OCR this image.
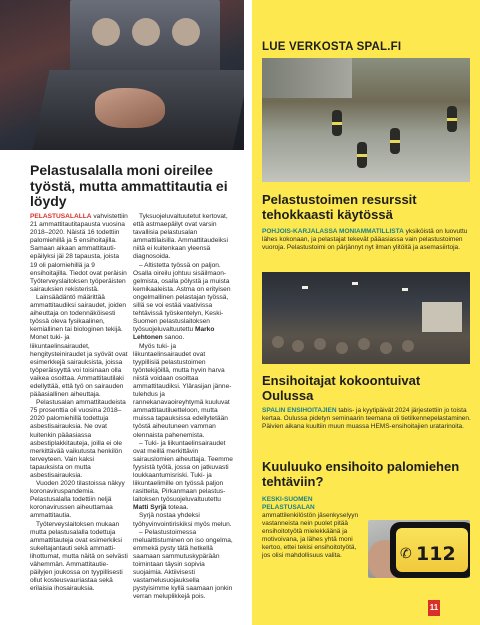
Pelastusalalla moni oireilee työstä, mutta ammattitautia ei löydy

PELASTUSALALLA vahvistettiin 21 ammattitautitapausta vuosina 2018–2020. Näistä 16 todettiin palomiehillä ja 5 ensihoitajilla. Samaan aikaan ammattitautiepäilyksi jäi 28 tapausta, joista 19 oli palomiehillä ja 9 ensihoitajilla. Tiedot ovat peräisin Työterveyslaitoksen työperäisten sairauksien rekisteristä.

Lainsäädäntö määrittää ammattitaudiksi sairaudet, joiden aiheuttaja on todennäköisesti työssä oleva fysikaalinen, kemiallinen tai biologinen tekijä. Monet tuki- ja liikuntaelinsairaudet, hengitysteiniraudet ja syövät ovat esimerkkejä sairauksista, joissa työperäisyyttä voi toisinaan olla vaikea osoittaa. Ammattitautilaki edellyttää, että työ on sairauden pääasiallinen aiheuttaja.

Pelastusalan ammattitaudeista 75 prosenttia oli vuosina 2018–2020 palomiehillä todettuja asbestisairauksia. Ne ovat kuitenkin pääasiassa asbestiplakkitauteja, joilla ei ole merkittävää vaikutusta henkilön terveyteen. Vain kaksi tapauksista on mutta asbestisairauksia.

Vuoden 2020 tilastoissa näkyy koronaviruspandemia. Pelastusalalla todettiin neljä koronavirussen aiheuttamaa ammattitautia.

Työterveyslaitoksen mukaan mutta pelastusalalla todettuja ammattitauteja ovat esimerkiksi sukeltajantauti sekä ammattilihottumat, mutta näitä on selvästi vähemmän. Ammattitautiepäilyjen joukossa on tyypillisesti ollut kosteusvauriastaa sekä erilaisia ihosairauksia.

Tyksuojeluvaltuutetut kertovat, että astmaepäilyt ovat varsin tavallisia pelastusalan ammattilaisilla. Ammattitaudeiksi niitä ei kuitenkaan yleensä diagnosoida.

– Altistetta työssä on paljon. Osalla oireilu johtuu sisäilmaongelmista, osalla pölystä ja muista kemikaaleista. Astma on erityisen ongelmallinen pelastajan työssä, sillä se voi estää vaativissa tehtävissä työskentelyn, Keski-Suomen pelastuslaitoksen työsuojeluvaltuutettu Marko Lehtonen sanoo.

Myös tuki- ja liikuntaelinsairaudet ovat tyypillisiä pelastustoimen työntekijöillä, mutta hyvin harva niistä voidaan osoittaa ammattitaudiksi. Ylärasijan jännetulehdus ja rannekanavaoireyhtymä kuuluvat ammattitautiluetteloon, mutta muissa tapauksissa edellytetään työstä aiheutuneen vamman olennaista pahenemista.

– Tuki- ja liikuntaelinsairaudet ovat meillä merkittävin sairauslomien aiheuttaja. Teemme fyysistä työtä, jossa on jatkuvasti loukkaantumisriski. Tuki- ja liikuntaelimille on työssä paljon rasitteita, Pirkanmaan pelastuslaitoksen työsuojeluvaltuutettu Matti Syrjä toteaa.

Syrjä nostaa yhdeksi työhyvinvointiriskiksi myös melun.

– Pelastustoimessa meluaittistuminen on iso ongelma, emmekä pysty tätä hetkellä saamaan sammutuskypärään toimintaan täysin sopivia suojaimia. Aktiivisesti vastamelusuojauksella pystyisimme kyllä saamaan jonkin verran meluplikkejä pois.

LUE VERKOSTA SPAL.FI
Pelastustoimen resurssit tehokkaasti käytössä
POHJOIS-KARJALASSA MONIAMMATILLISTA yksiköistä on luovuttu lähes kokonaan, ja pelastajat tekevät pääasiassa vain pelastustoimen vuoroja. Pelastustoimi on pärjännyt nyt ilman ylitöitä ja asemasiirtoja.
Ensihoitajat kokoontuivat Oulussa
SPALIN ENSIHOITAJIEN tabis- ja kyytipäivät 2024 järjestettiin jo toista kertaa. Oulussa pidetyn seminaarin teemana oli tietilkennepelastaminen. Päivien aikana kuultiin muun muassa HEMS-ensihoitajien uratarinoita.
Kuuluuko ensihoito palomiehen tehtäviin?
KESKI-SUOMEN PELASTUSALAN ammattilenkilöstön jäsenkyselyyn vastanneista nein puolet pitää ensihoitotyötä mielekkäänä ja motivoivana, ja lähes yhtä moni kertoo, ettei tekisi ensihoitotyötä, jos olisi mahdollisuus valita.	✆ 112
11
